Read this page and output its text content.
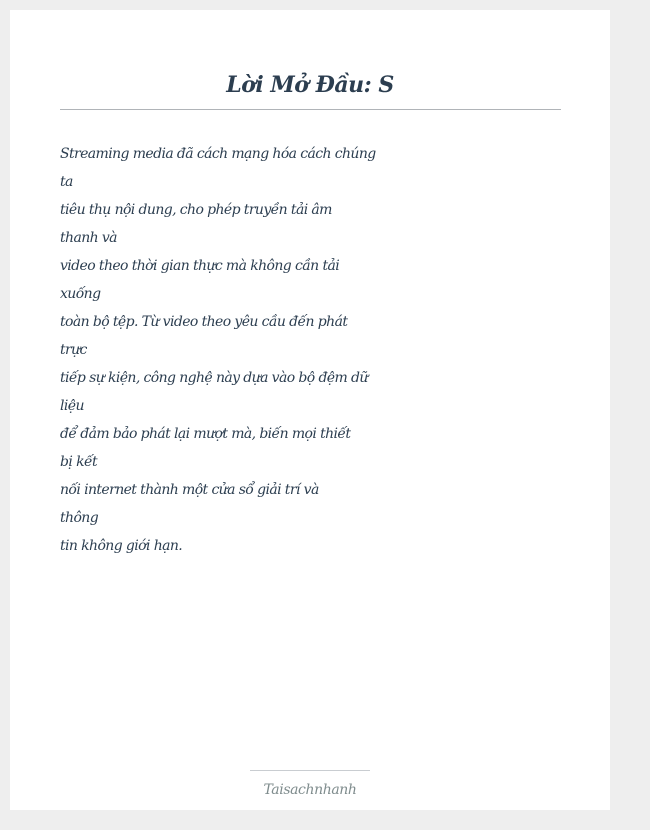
Lời Mở Đầu: S
Streaming media đã cách mạng hóa cách chúng
ta
tiêu thụ nội dung, cho phép truyền tải âm
thanh và
video theo thời gian thực mà không cần tải
xuống
toàn bộ tệp. Từ video theo yêu cầu đến phát
trực
tiếp sự kiện, công nghệ này dựa vào bộ đệm dữ
liệu
để đảm bảo phát lại mượt mà, biến mọi thiết
bị kết
nối internet thành một cửa sổ giải trí và
thông
tin không giới hạn.
Taisachnhanh
